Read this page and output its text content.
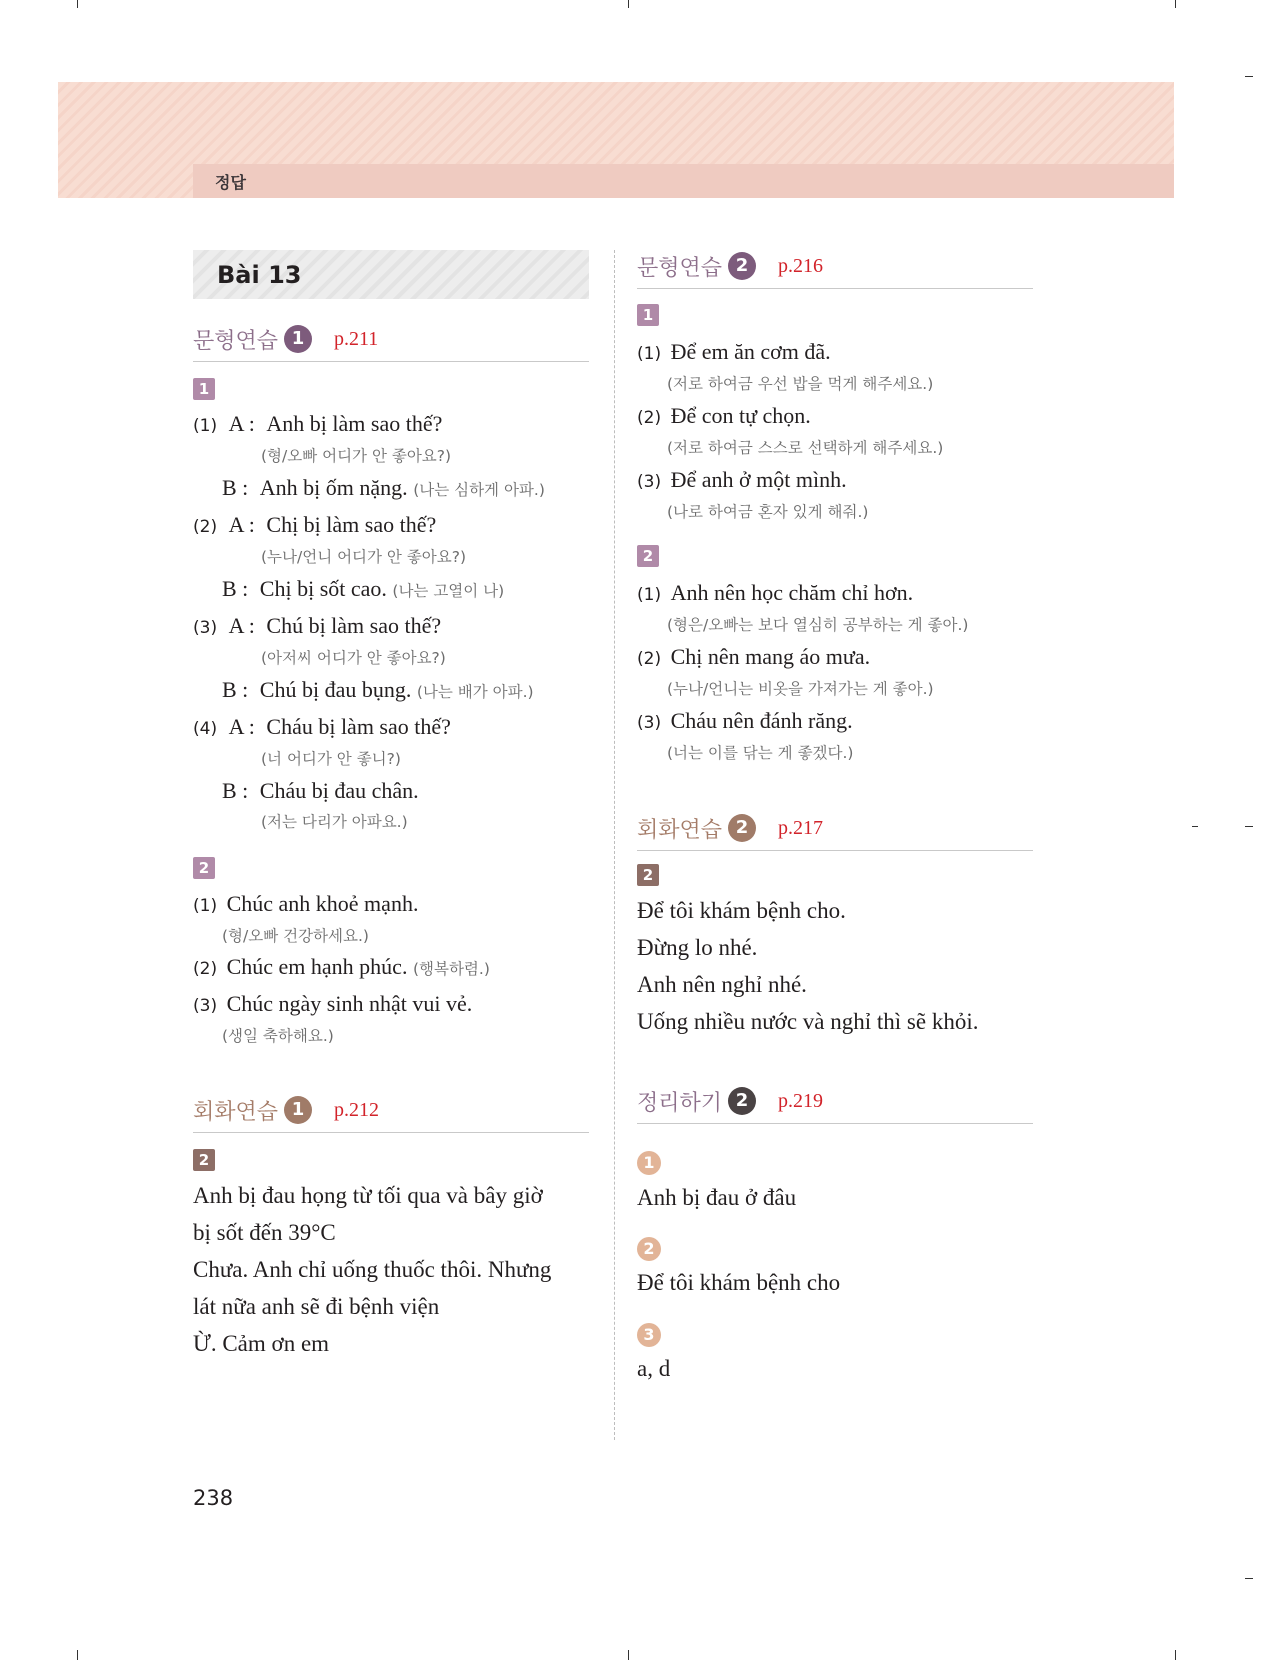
정답
Bài 13
문형연습 1	p.211
1
(1) A : Anh bị làm sao thế?
(형/오빠 어디가 안 좋아요?)
B : Anh bị ốm nặng. (나는 심하게 아파.)
(2) A : Chị bị làm sao thế?
(누나/언니 어디가 안 좋아요?)
B : Chị bị sốt cao. (나는 고열이 나)
(3) A : Chú bị làm sao thế?
(아저씨 어디가 안 좋아요?)
B : Chú bị đau bụng. (나는 배가 아파.)
(4) A : Cháu bị làm sao thế?
(너 어디가 안 좋니?)
B : Cháu bị đau chân.
(저는 다리가 아파요.)
2
(1) Chúc anh khoẻ mạnh.
(형/오빠 건강하세요.)
(2) Chúc em hạnh phúc. (행복하렴.)
(3) Chúc ngày sinh nhật vui vẻ.
(생일 축하해요.)
회화연습 1	p.212
2
Anh bị đau họng từ tối qua và bây giờ
bị sốt đến 39°C
Chưa. Anh chỉ uống thuốc thôi. Nhưng
lát nữa anh sẽ đi bệnh viện
Ừ. Cảm ơn em
문형연습 2	p.216
1
(1) Để em ăn cơm đã.
(저로 하여금 우선 밥을 먹게 해주세요.)
(2) Để con tự chọn.
(저로 하여금 스스로 선택하게 해주세요.)
(3) Để anh ở một mình.
(나로 하여금 혼자 있게 해줘.)
2
(1) Anh nên học chăm chỉ hơn.
(형은/오빠는 보다 열심히 공부하는 게 좋아.)
(2) Chị nên mang áo mưa.
(누나/언니는 비옷을 가져가는 게 좋아.)
(3) Cháu nên đánh răng.
(너는 이를 닦는 게 좋겠다.)
회화연습 2	p.217
2
Để tôi khám bệnh cho.
Đừng lo nhé.
Anh nên nghỉ nhé.
Uống nhiều nước và nghỉ thì sẽ khỏi.
정리하기 2	p.219
1
Anh bị đau ở đâu
2
Để tôi khám bệnh cho
3
a, d
238
